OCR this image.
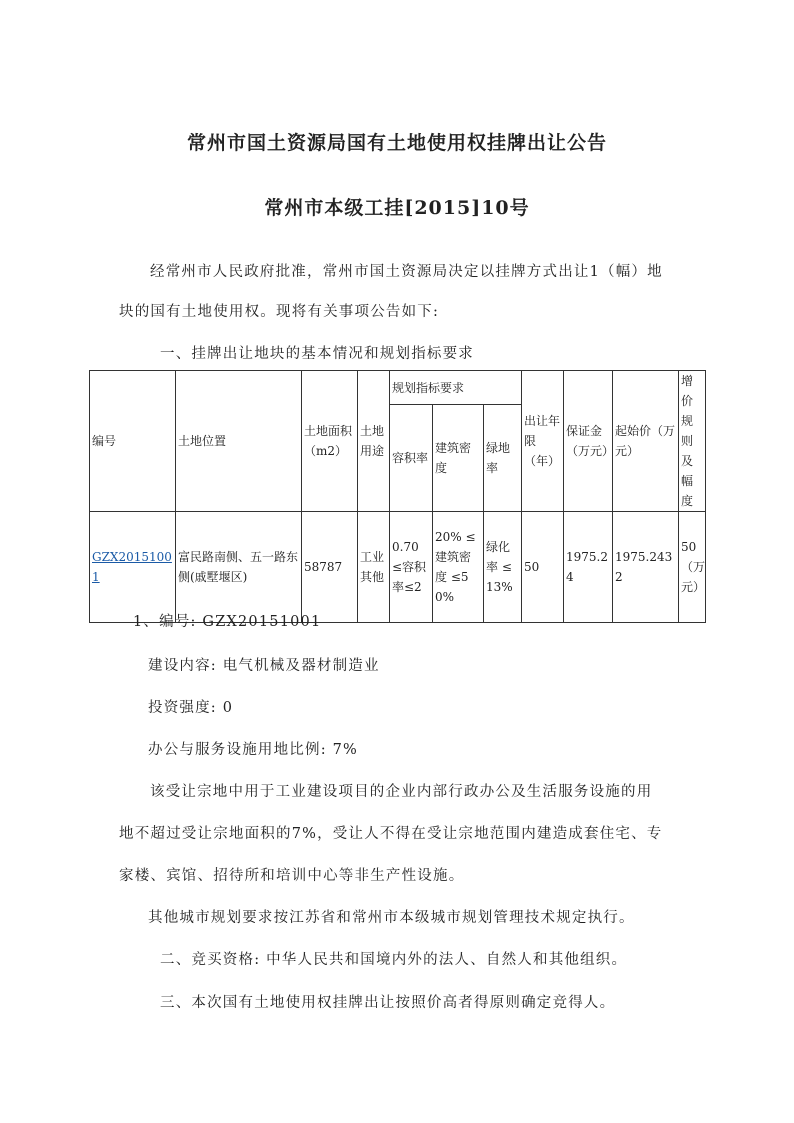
常州市国土资源局国有土地使用权挂牌出让公告
常州市本级工挂[2015]10号
经常州市人民政府批准，常州市国土资源局决定以挂牌方式出让1（幅）地
块的国有土地使用权。现将有关事项公告如下:
一、挂牌出让地块的基本情况和规划指标要求
编号	土地位置	土地面积（m2）	土地用途	规划指标要求			出让年限（年）	保证金（万元）	起始价（万元）	增价规则及幅度
				容积率	建筑密度	绿地率				
GZX20151001	富民路南侧、五一路东侧(戚墅堰区)	58787	工业其他	0.70 ≤容积率≤2	20% ≤建筑密度 ≤50%	绿化率 ≤13%	50	1975.24	1975.2432	50（万元）
1、编号: GZX20151001
建设内容: 电气机械及器材制造业
投资强度: 0
办公与服务设施用地比例: 7%
该受让宗地中用于工业建设项目的企业内部行政办公及生活服务设施的用
地不超过受让宗地面积的7%，受让人不得在受让宗地范围内建造成套住宅、专
家楼、宾馆、招待所和培训中心等非生产性设施。
其他城市规划要求按江苏省和常州市本级城市规划管理技术规定执行。
二、竞买资格: 中华人民共和国境内外的法人、自然人和其他组织。
三、本次国有土地使用权挂牌出让按照价高者得原则确定竞得人。
